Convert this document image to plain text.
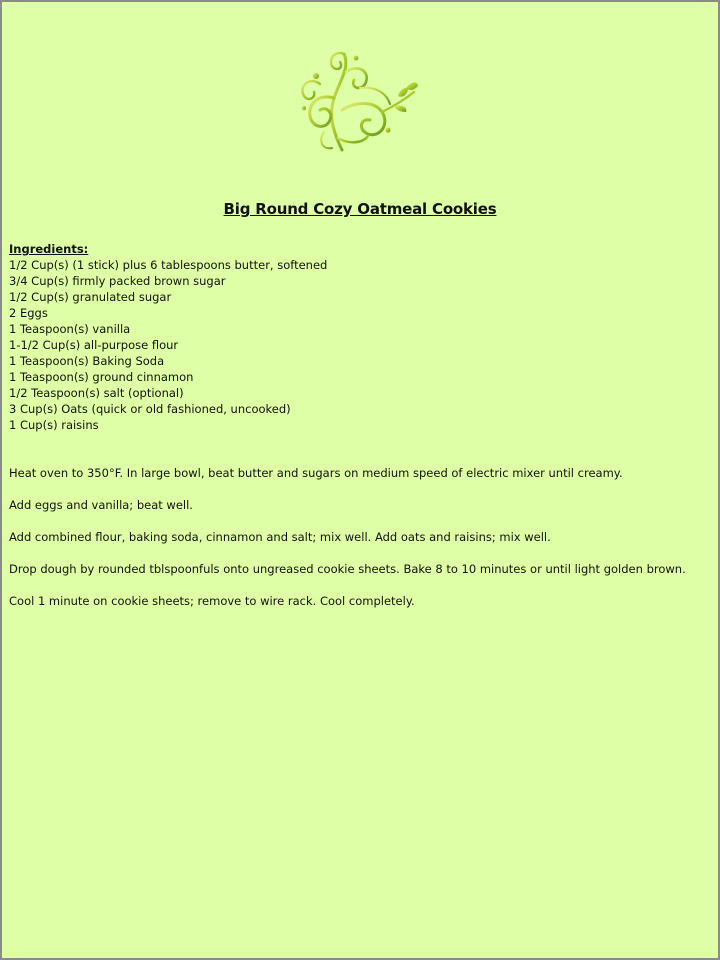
Big Round Cozy Oatmeal Cookies
Ingredients:
1/2 Cup(s) (1 stick) plus 6 tablespoons butter, softened
3/4 Cup(s) firmly packed brown sugar
1/2 Cup(s) granulated sugar
2 Eggs
1 Teaspoon(s) vanilla
1-1/2 Cup(s) all-purpose flour
1 Teaspoon(s) Baking Soda
1 Teaspoon(s) ground cinnamon
1/2 Teaspoon(s) salt (optional)
3 Cup(s) Oats (quick or old fashioned, uncooked)
1 Cup(s) raisins

Heat oven to 350°F. In large bowl, beat butter and sugars on medium speed of electric mixer until creamy.

Add eggs and vanilla; beat well.

Add combined flour, baking soda, cinnamon and salt; mix well. Add oats and raisins; mix well.

Drop dough by rounded tblspoonfuls onto ungreased cookie sheets. Bake 8 to 10 minutes or until light golden brown.

Cool 1 minute on cookie sheets; remove to wire rack. Cool completely.
